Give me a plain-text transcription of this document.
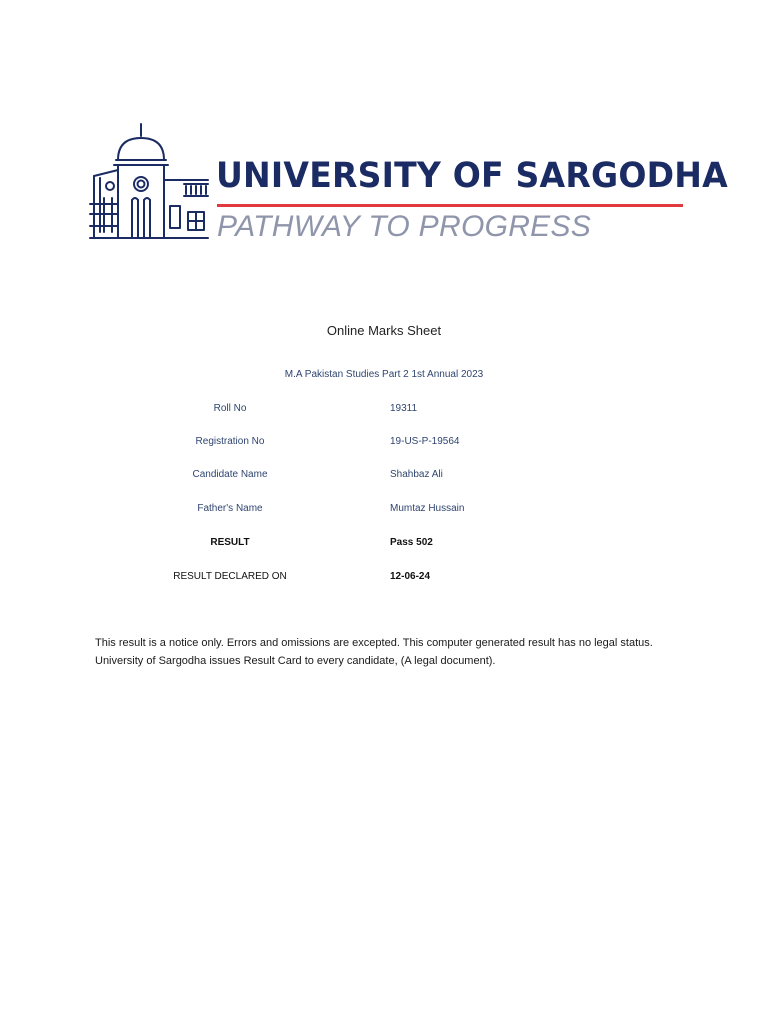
UNIVERSITY OF SARGODHA
PATHWAY TO PROGRESS
Online Marks Sheet
M.A Pakistan Studies Part 2 1st Annual 2023
Roll No	19311
Registration No	19-US-P-19564
Candidate Name	Shahbaz Ali
Father's Name	Mumtaz Hussain
RESULT	Pass 502
RESULT DECLARED ON	12-06-24

This result is a notice only. Errors and omissions are excepted. This computer generated result has no legal status.

University of Sargodha issues Result Card to every candidate, (A legal document).
